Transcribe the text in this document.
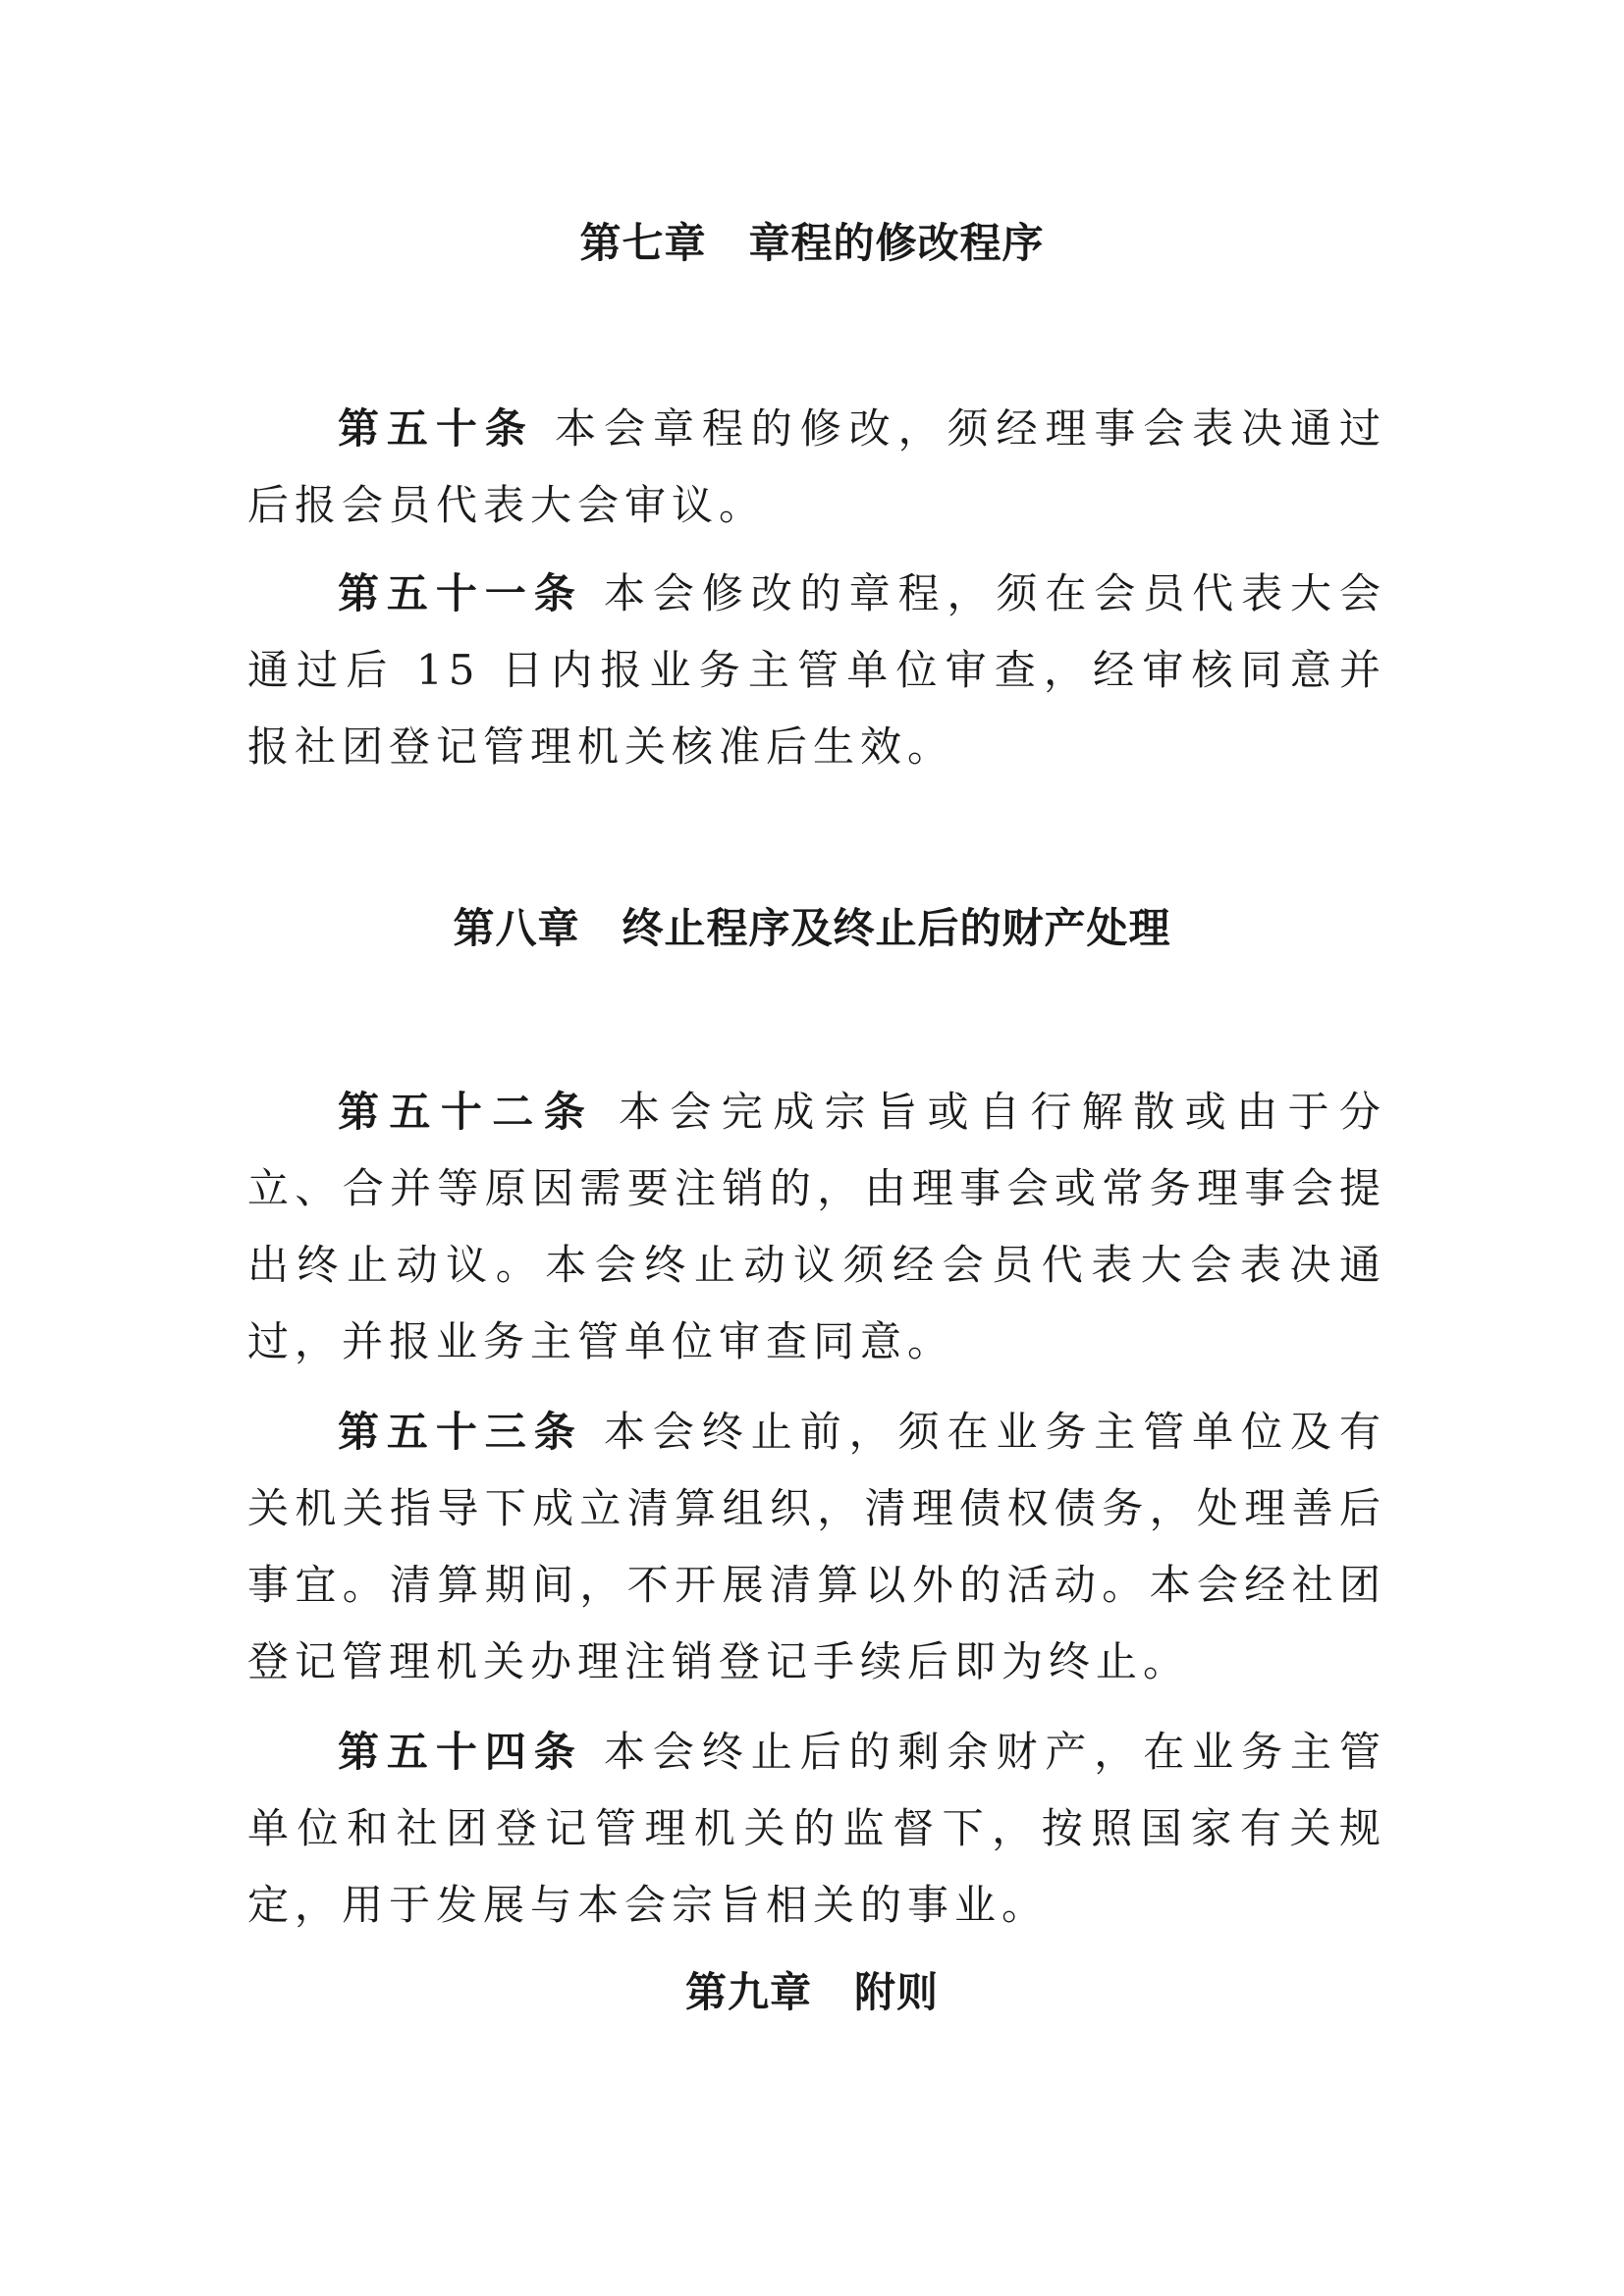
第七章　章程的修改程序

第五十条 本会章程的修改，须经理事会表决通过后报会员代表大会审议。

第五十一条 本会修改的章程，须在会员代表大会通过后 15 日内报业务主管单位审查，经审核同意并报社团登记管理机关核准后生效。

第八章　终止程序及终止后的财产处理

第五十二条 本会完成宗旨或自行解散或由于分立、合并等原因需要注销的，由理事会或常务理事会提出终止动议。本会终止动议须经会员代表大会表决通过，并报业务主管单位审查同意。

第五十三条 本会终止前，须在业务主管单位及有关机关指导下成立清算组织，清理债权债务，处理善后事宜。清算期间，不开展清算以外的活动。本会经社团登记管理机关办理注销登记手续后即为终止。

第五十四条 本会终止后的剩余财产，在业务主管单位和社团登记管理机关的监督下，按照国家有关规定，用于发展与本会宗旨相关的事业。

第九章　附则
